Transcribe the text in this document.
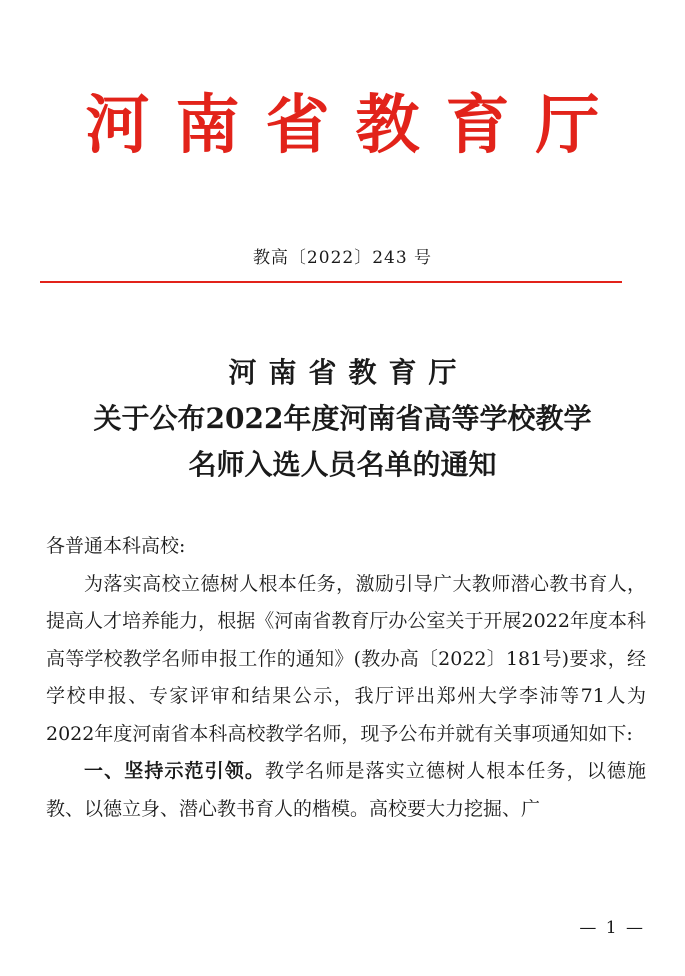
河南省教育厅
教高〔2022〕243 号
河南省教育厅
关于公布2022年度河南省高等学校教学
名师入选人员名单的通知

各普通本科高校:

为落实高校立德树人根本任务，激励引导广大教师潜心教书育人，提高人才培养能力，根据《河南省教育厅办公室关于开展2022年度本科高等学校教学名师申报工作的通知》(教办高〔2022〕181号)要求，经学校申报、专家评审和结果公示，我厅评出郑州大学李沛等71人为2022年度河南省本科高校教学名师，现予公布并就有关事项通知如下:

一、坚持示范引领。教学名师是落实立德树人根本任务，以德施教、以德立身、潜心教书育人的楷模。高校要大力挖掘、广

— 1 —
